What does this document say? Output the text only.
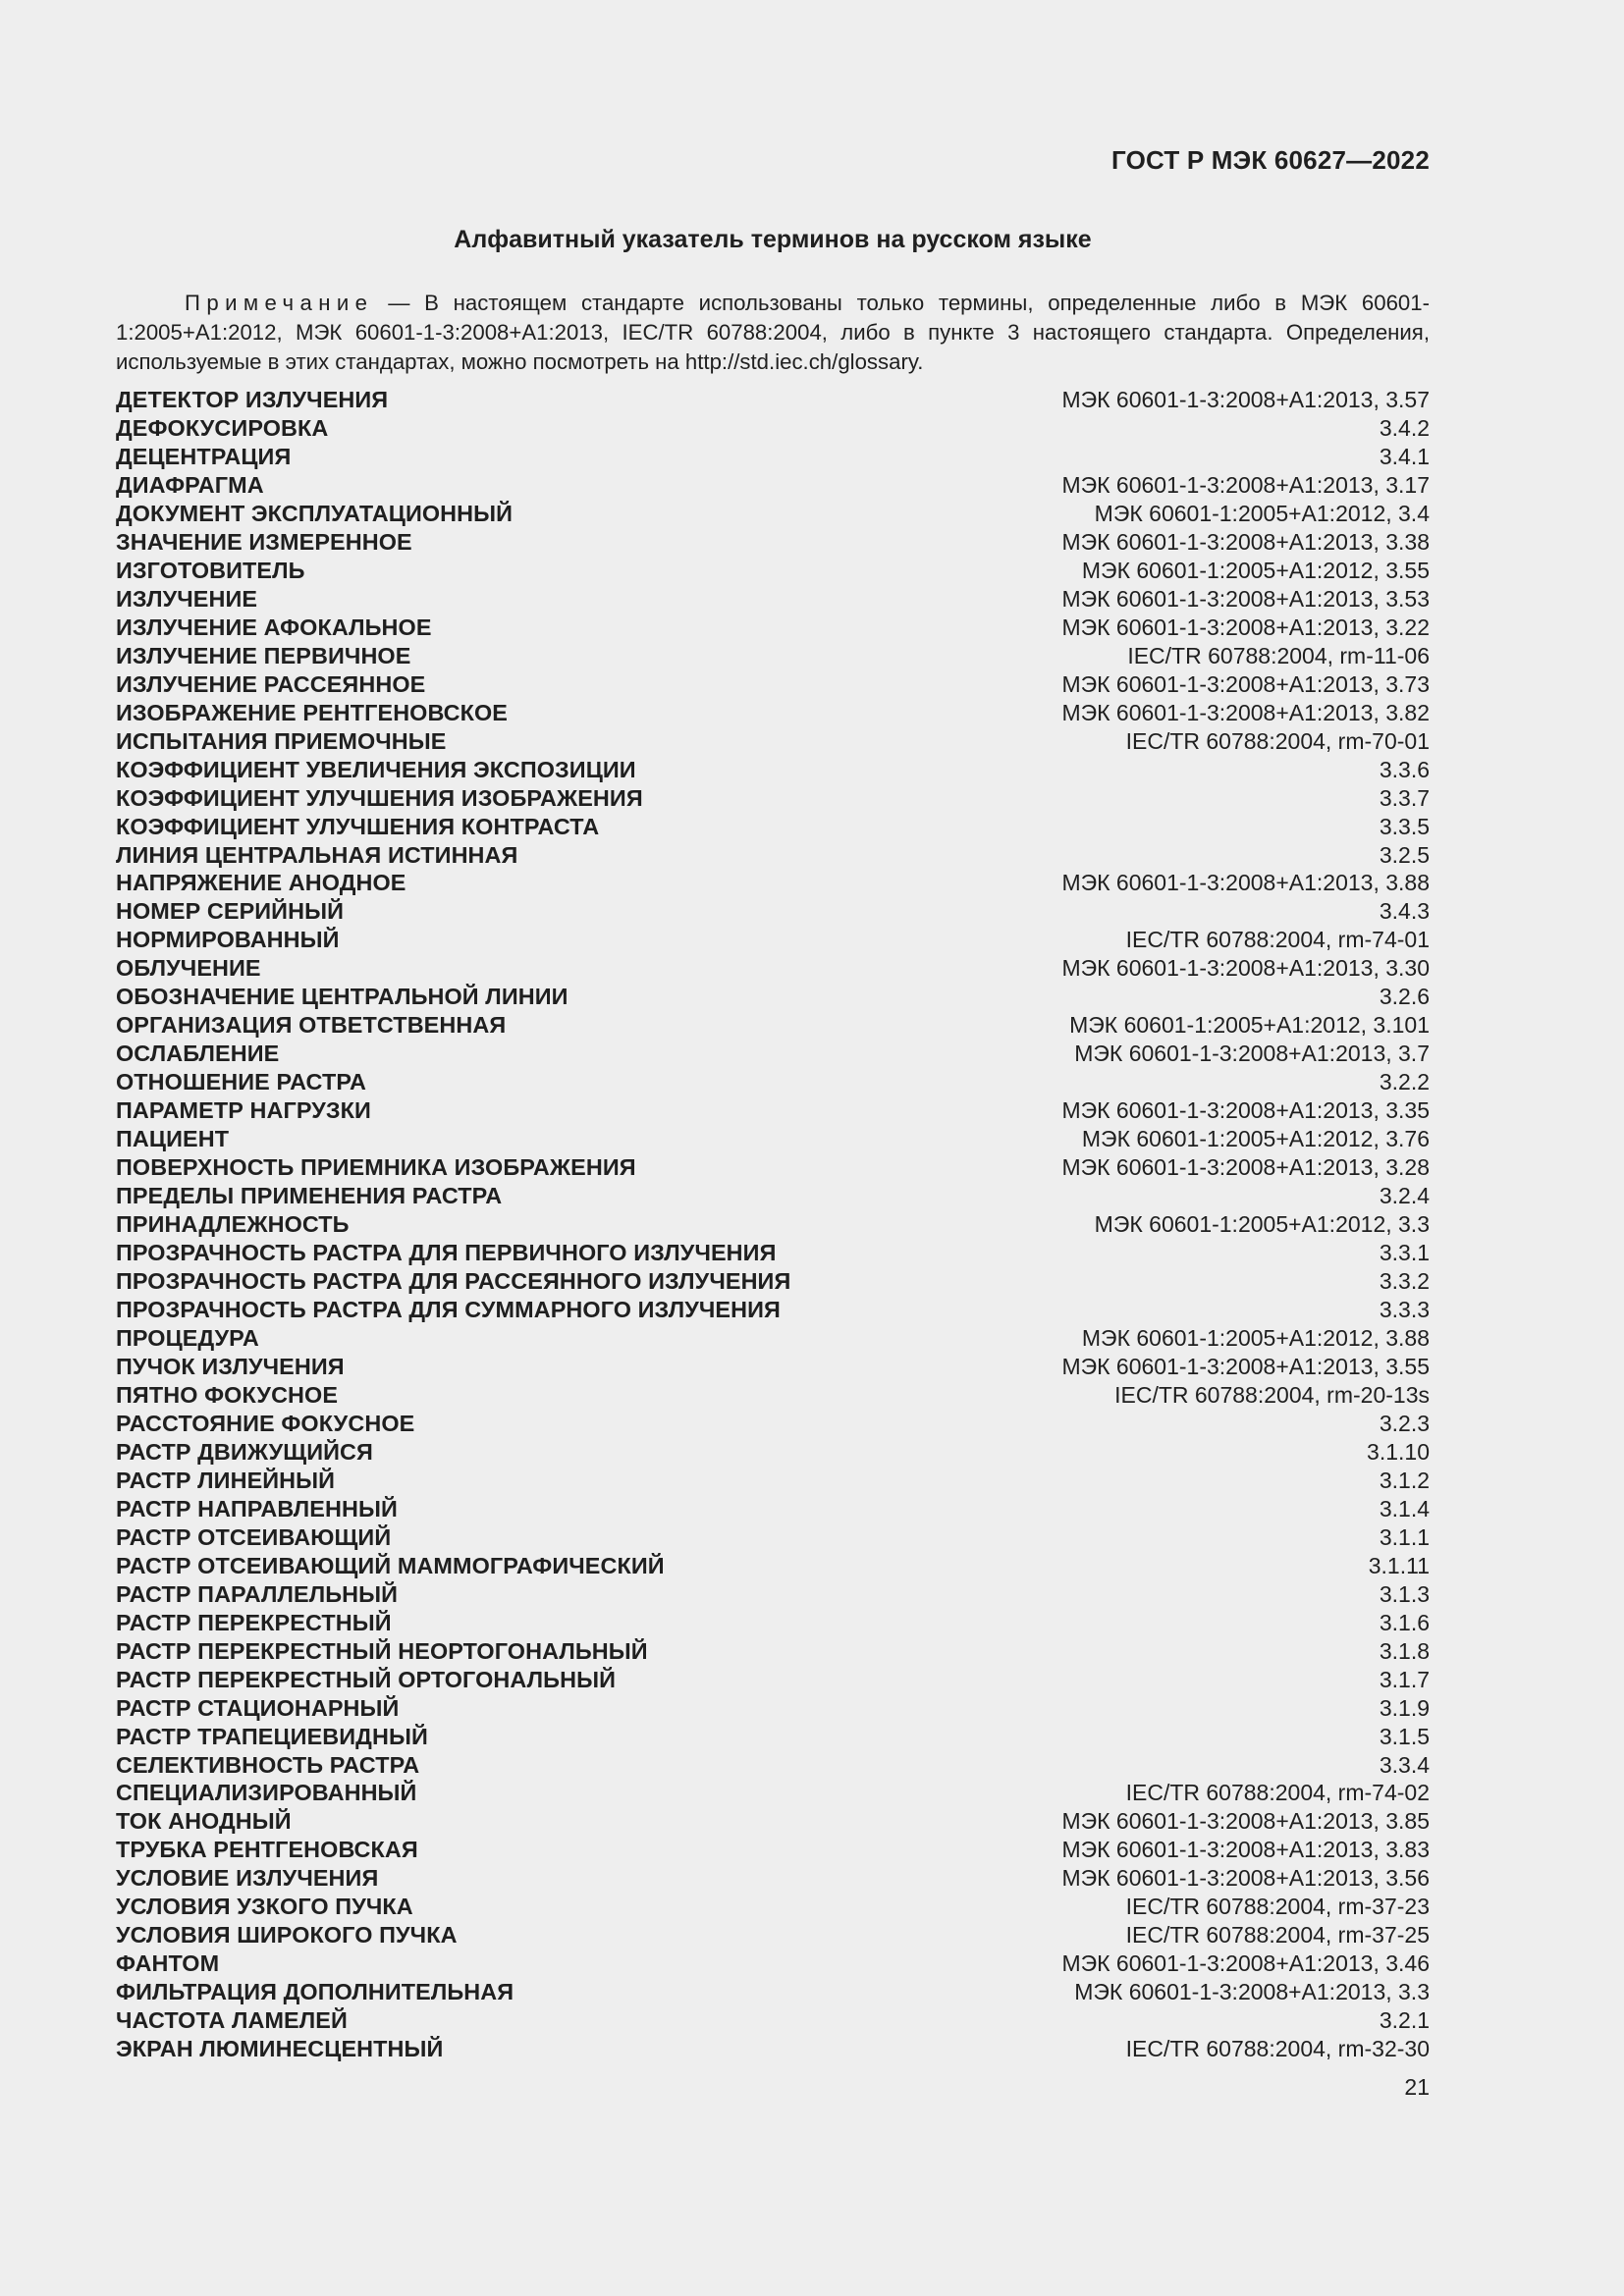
ГОСТ Р МЭК 60627—2022
Алфавитный указатель терминов на русском языке

Примечание — В настоящем стандарте использованы только термины, определенные либо в МЭК 60601-1:2005+А1:2012, МЭК 60601-1-3:2008+А1:2013, IEC/TR 60788:2004, либо в пункте 3 настоящего стандарта. Определения, используемые в этих стандартах, можно посмотреть на http://std.iec.ch/glossary.

ДЕТЕКТОР ИЗЛУЧЕНИЯ	МЭК 60601-1-3:2008+А1:2013, 3.57
ДЕФОКУСИРОВКА	3.4.2
ДЕЦЕНТРАЦИЯ	3.4.1
ДИАФРАГМА	МЭК 60601-1-3:2008+А1:2013, 3.17
ДОКУМЕНТ ЭКСПЛУАТАЦИОННЫЙ	МЭК 60601-1:2005+А1:2012, 3.4
ЗНАЧЕНИЕ ИЗМЕРЕННОЕ	МЭК 60601-1-3:2008+А1:2013, 3.38
ИЗГОТОВИТЕЛЬ	МЭК 60601-1:2005+А1:2012, 3.55
ИЗЛУЧЕНИЕ	МЭК 60601-1-3:2008+А1:2013, 3.53
ИЗЛУЧЕНИЕ АФОКАЛЬНОЕ	МЭК 60601-1-3:2008+А1:2013, 3.22
ИЗЛУЧЕНИЕ ПЕРВИЧНОЕ	IEC/TR 60788:2004, rm-11-06
ИЗЛУЧЕНИЕ РАССЕЯННОЕ	МЭК 60601-1-3:2008+А1:2013, 3.73
ИЗОБРАЖЕНИЕ РЕНТГЕНОВСКОЕ	МЭК 60601-1-3:2008+А1:2013, 3.82
ИСПЫТАНИЯ ПРИЕМОЧНЫЕ	IEC/TR 60788:2004, rm-70-01
КОЭФФИЦИЕНТ УВЕЛИЧЕНИЯ ЭКСПОЗИЦИИ	3.3.6
КОЭФФИЦИЕНТ УЛУЧШЕНИЯ ИЗОБРАЖЕНИЯ	3.3.7
КОЭФФИЦИЕНТ УЛУЧШЕНИЯ КОНТРАСТА	3.3.5
ЛИНИЯ ЦЕНТРАЛЬНАЯ ИСТИННАЯ	3.2.5
НАПРЯЖЕНИЕ АНОДНОЕ	МЭК 60601-1-3:2008+А1:2013, 3.88
НОМЕР СЕРИЙНЫЙ	3.4.3
НОРМИРОВАННЫЙ	IEC/TR 60788:2004, rm-74-01
ОБЛУЧЕНИЕ	МЭК 60601-1-3:2008+А1:2013, 3.30
ОБОЗНАЧЕНИЕ ЦЕНТРАЛЬНОЙ ЛИНИИ	3.2.6
ОРГАНИЗАЦИЯ ОТВЕТСТВЕННАЯ	МЭК 60601-1:2005+А1:2012, 3.101
ОСЛАБЛЕНИЕ	МЭК 60601-1-3:2008+А1:2013, 3.7
ОТНОШЕНИЕ РАСТРА	3.2.2
ПАРАМЕТР НАГРУЗКИ	МЭК 60601-1-3:2008+А1:2013, 3.35
ПАЦИЕНТ	МЭК 60601-1:2005+А1:2012, 3.76
ПОВЕРХНОСТЬ ПРИЕМНИКА ИЗОБРАЖЕНИЯ	МЭК 60601-1-3:2008+А1:2013, 3.28
ПРЕДЕЛЫ ПРИМЕНЕНИЯ РАСТРА	3.2.4
ПРИНАДЛЕЖНОСТЬ	МЭК 60601-1:2005+А1:2012, 3.3
ПРОЗРАЧНОСТЬ РАСТРА ДЛЯ ПЕРВИЧНОГО ИЗЛУЧЕНИЯ	3.3.1
ПРОЗРАЧНОСТЬ РАСТРА ДЛЯ РАССЕЯННОГО ИЗЛУЧЕНИЯ	3.3.2
ПРОЗРАЧНОСТЬ РАСТРА ДЛЯ СУММАРНОГО ИЗЛУЧЕНИЯ	3.3.3
ПРОЦЕДУРА	МЭК 60601-1:2005+А1:2012, 3.88
ПУЧОК ИЗЛУЧЕНИЯ	МЭК 60601-1-3:2008+А1:2013, 3.55
ПЯТНО ФОКУСНОЕ	IEC/TR 60788:2004, rm-20-13s
РАССТОЯНИЕ ФОКУСНОЕ	3.2.3
РАСТР ДВИЖУЩИЙСЯ	3.1.10
РАСТР ЛИНЕЙНЫЙ	3.1.2
РАСТР НАПРАВЛЕННЫЙ	3.1.4
РАСТР ОТСЕИВАЮЩИЙ	3.1.1
РАСТР ОТСЕИВАЮЩИЙ МАММОГРАФИЧЕСКИЙ	3.1.11
РАСТР ПАРАЛЛЕЛЬНЫЙ	3.1.3
РАСТР ПЕРЕКРЕСТНЫЙ	3.1.6
РАСТР ПЕРЕКРЕСТНЫЙ НЕОРТОГОНАЛЬНЫЙ	3.1.8
РАСТР ПЕРЕКРЕСТНЫЙ ОРТОГОНАЛЬНЫЙ	3.1.7
РАСТР СТАЦИОНАРНЫЙ	3.1.9
РАСТР ТРАПЕЦИЕВИДНЫЙ	3.1.5
СЕЛЕКТИВНОСТЬ РАСТРА	3.3.4
СПЕЦИАЛИЗИРОВАННЫЙ	IEC/TR 60788:2004, rm-74-02
ТОК АНОДНЫЙ	МЭК 60601-1-3:2008+А1:2013, 3.85
ТРУБКА РЕНТГЕНОВСКАЯ	МЭК 60601-1-3:2008+А1:2013, 3.83
УСЛОВИЕ ИЗЛУЧЕНИЯ	МЭК 60601-1-3:2008+А1:2013, 3.56
УСЛОВИЯ УЗКОГО ПУЧКА	IEC/TR 60788:2004, rm-37-23
УСЛОВИЯ ШИРОКОГО ПУЧКА	IEC/TR 60788:2004, rm-37-25
ФАНТОМ	МЭК 60601-1-3:2008+А1:2013, 3.46
ФИЛЬТРАЦИЯ ДОПОЛНИТЕЛЬНАЯ	МЭК 60601-1-3:2008+А1:2013, 3.3
ЧАСТОТА ЛАМЕЛЕЙ	3.2.1
ЭКРАН ЛЮМИНЕСЦЕНТНЫЙ	IEC/TR 60788:2004, rm-32-30
21
